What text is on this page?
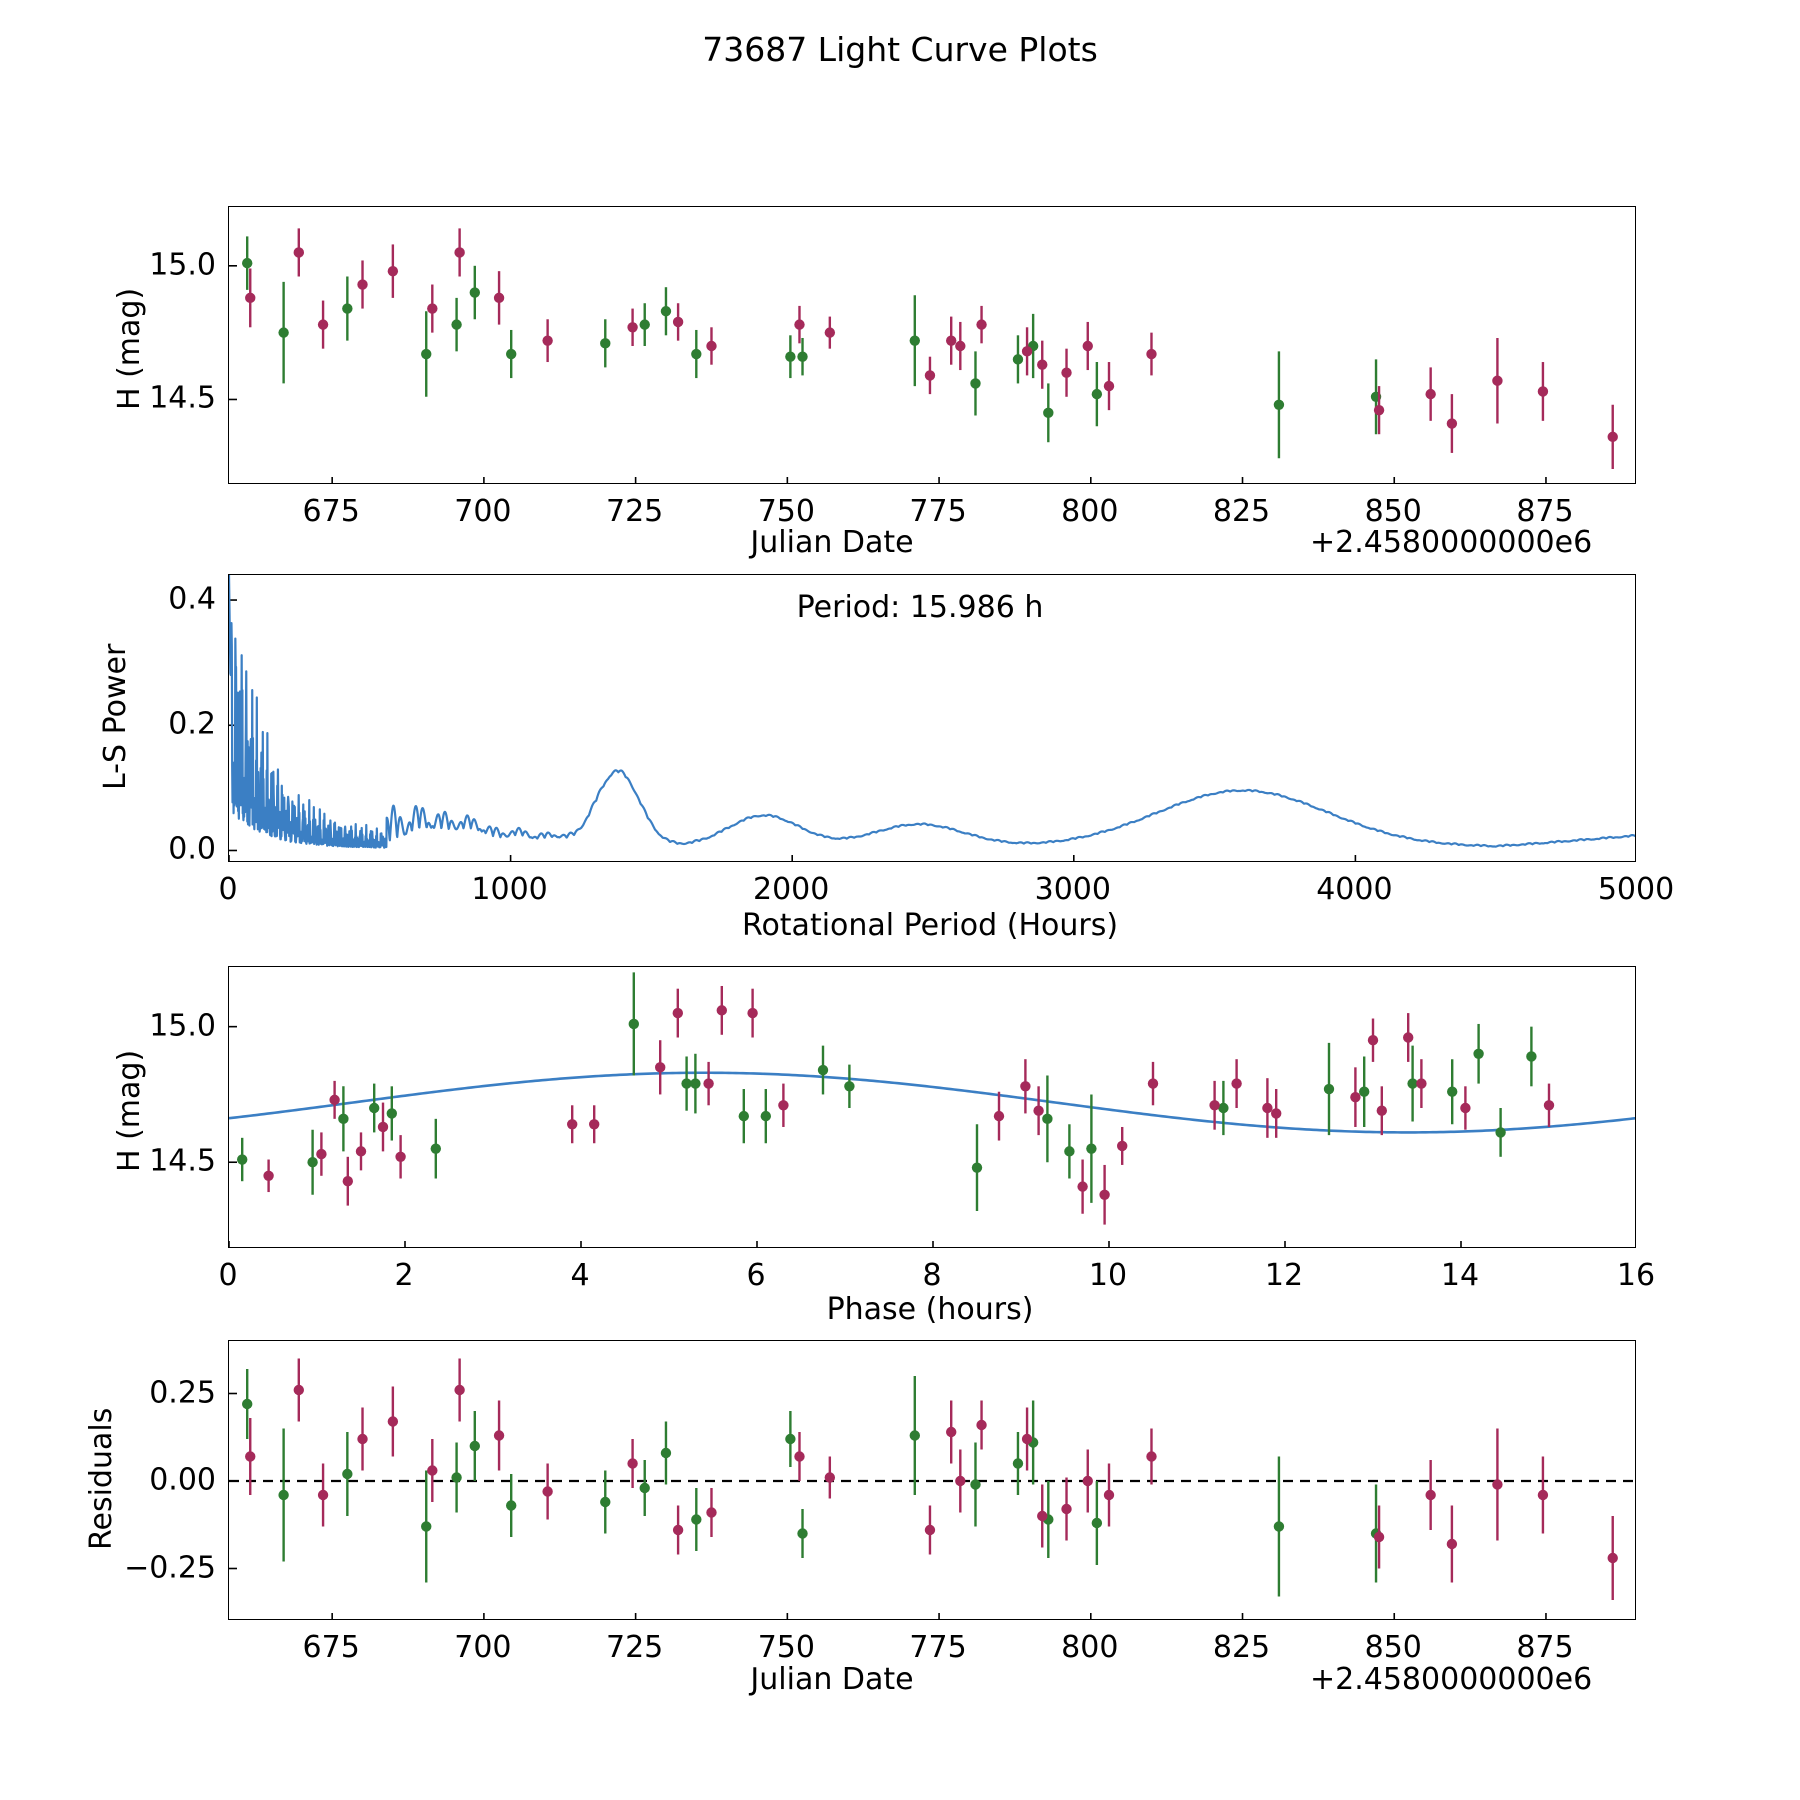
73687 Light Curve Plots
H (mag)
Julian Date	+2.4580000000e6
L-S Power
Rotational Period (Hours)
Period: 15.986 h
H (mag)
Phase (hours)
Residuals
Julian Date	+2.4580000000e6
675	700	725	750	775	800	825	850	875
14.5
15.0
0	1000	2000	3000	4000	5000
0.0
0.2
0.4
0	2	4	6	8	10	12	14	16
14.5
15.0
675	700	725	750	775	800	825	850	875
−0.25
0.00
0.25
